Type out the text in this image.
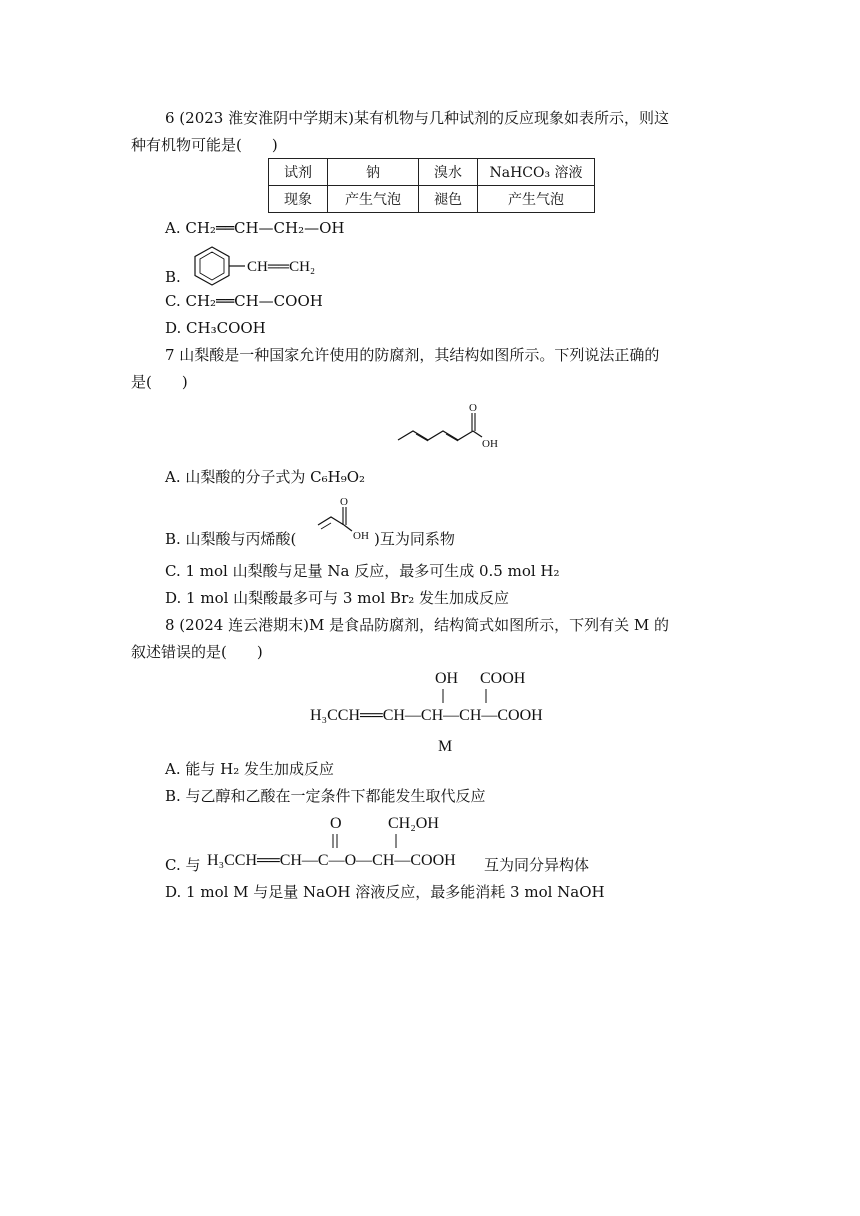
6 (2023 淮安淮阴中学期末)某有机物与几种试剂的反应现象如表所示，则这
种有机物可能是(　　)
试剂	钠	溴水	NaHCO₃ 溶液
现象	产生气泡	褪色	产生气泡
A. CH₂══CH—CH₂—OH
B.
CH══CH₂
C. CH₂══CH—COOH
D. CH₃COOH
7 山梨酸是一种国家允许使用的防腐剂，其结构如图所示。下列说法正确的
是(　　)
O
OH
A. 山梨酸的分子式为 C₆H₉O₂
B. 山梨酸与丙烯酸(
O
OH )互为同系物
C. 1 mol 山梨酸与足量 Na 反应，最多可生成 0.5 mol H₂
D. 1 mol 山梨酸最多可与 3 mol Br₂ 发生加成反应
8 (2024 连云港期末)M 是食品防腐剂，结构简式如图所示，下列有关 M 的
叙述错误的是(　　)
OH COOH
H₃CCH══CH—CH—CH—COOH
M
A. 能与 H₂ 发生加成反应
B. 与乙醇和乙酸在一定条件下都能发生取代反应
C. 与
O	CH₂OH
H₃CCH══CH—C—O—CH—COOH 互为同分异构体
D. 1 mol M 与足量 NaOH 溶液反应，最多能消耗 3 mol NaOH
